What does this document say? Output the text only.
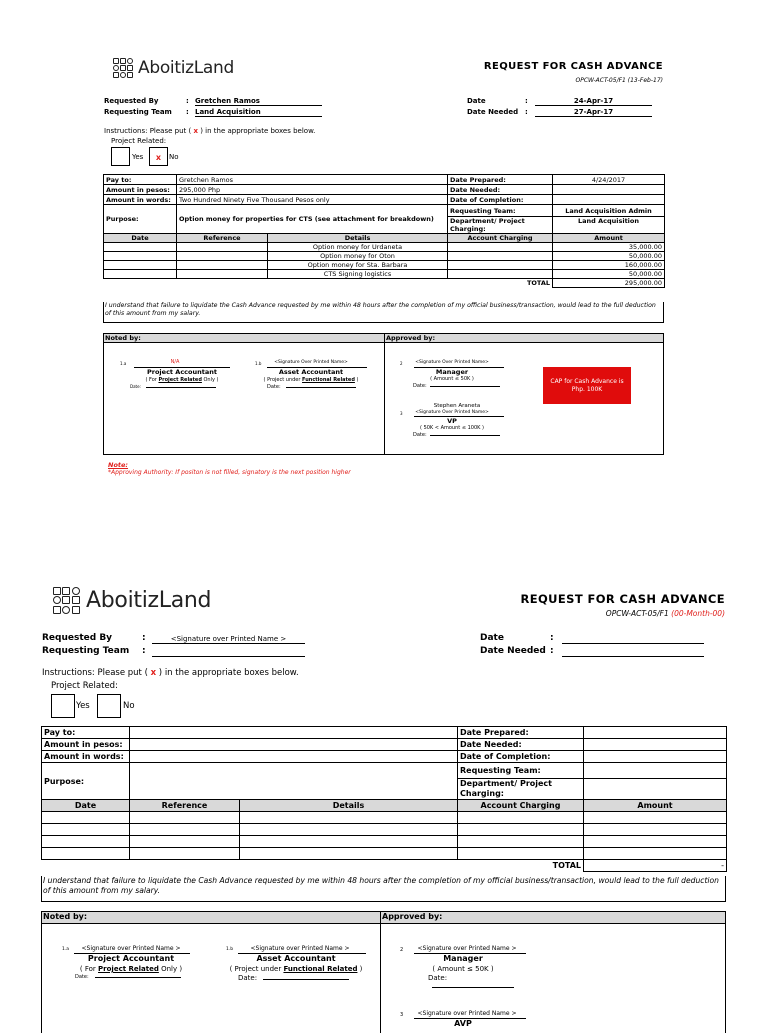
AboitizLand	REQUEST FOR CASH ADVANCE
OPCW-ACT-05/F1 (13-Feb-17)
Requested By	: Gretchen Ramos
Requesting Team : Land Acquisition
Date	:	24-Apr-17
Date Needed :	27-Apr-17
Instructions: Please put ( x ) in the appropriate boxes below.
Project Related:
Yes	x	No
Pay to:	Gretchen Ramos		Date Prepared:	4/24/2017
Amount in pesos:	295,000 Php		Date Needed:	
Amount in words:	Two Hundred Ninety Five Thousand Pesos only		Date of Completion:	
Purpose:	Option money for properties for CTS (see attachment for breakdown)		Requesting Team:	Land Acquisition Admin
			Department/ Project Charging:	Land Acquisition
Date	Reference	Details	Account Charging	Amount
		Option money for Urdaneta		35,000.00
		Option money for Oton		50,000.00
		Option money for Sta. Barbara		160,000.00
		CTS Signing logistics		50,000.00
TOTAL				295,000.00
I understand that failure to liquidate the Cash Advance requested by me within 48 hours after the completion of my official business/transaction, would lead to the full deduction of this amount from my salary.
Noted by:	Approved by:
1.a	N/A
Project Accountant
( For Project Related Only )
Date:
1.b	<Signature Over Printed Name>
Asset Accountant
( Project under Functional Related )
Date:
2	<Signature Over Printed Name>
Manager
( Amount ≤ 50K )
Date:
CAP for Cash Advance is Php. 100K
Stephen Araneta
3	<Signature Over Printed Name>
VP
( 50K < Amount ≤ 100K )
Date:
Note:
*Approving Authority: If positon is not filled, signatory is the next position higher
AboitizLand	REQUEST FOR CASH ADVANCE
OPCW-ACT-05/F1 (00-Month-00)
Requested By	:	<Signature over Printed Name >
Requesting Team :
Date	:
Date Needed :
Instructions: Please put ( x ) in the appropriate boxes below.
Project Related:
Yes	No
Pay to:			Date Prepared:	
Amount in pesos:			Date Needed:	
Amount in words:			Date of Completion:	
Purpose:			Requesting Team:	
			Department/ Project Charging:	
Date	Reference	Details	Account Charging	Amount

TOTAL				-
I understand that failure to liquidate the Cash Advance requested by me within 48 hours after the completion of my official business/transaction, would lead to the full deduction of this amount from my salary.
Noted by:	Approved by:
1.a <Signature over Printed Name >
Project Accountant
( For Project Related Only )
Date:
1.b	<Signature over Printed Name >
Asset Accountant
( Project under Functional Related )
Date:
2 <Signature over Printed Name >
Manager
( Amount ≤ 50K )
Date:
3 <Signature over Printed Name >
AVP
